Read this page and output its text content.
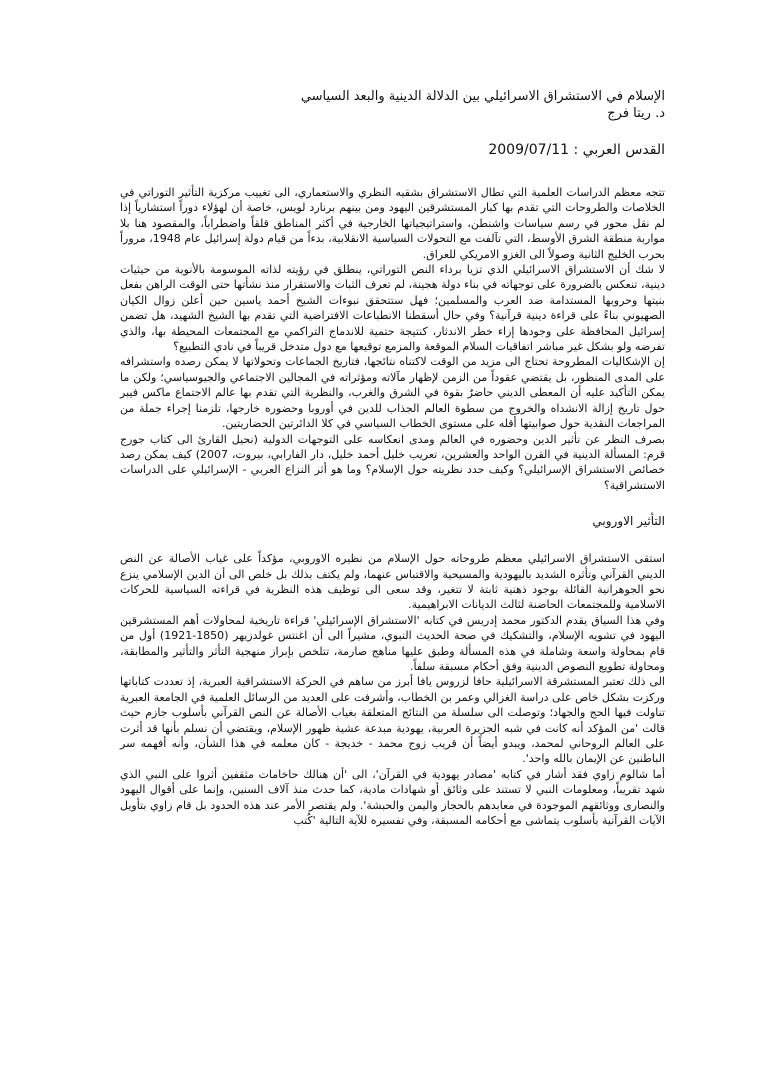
الإسلام في الاستشراق الاسرائيلي بين الدلالة الدينية والبعد السياسي
د. ريتا فرج
القدس العربي : 2009/07/11

تتجه معظم الدراسات العلمية التي تطال الاستشراق بشقيه النظري والاستعماري، الى تغييب مركزية التأثير التوراتي في الخلاصات والطروحات التي تقدم بها كبار المستشرقين اليهود ومن بينهم برنارد لويس، خاصة أن لهؤلاء دوراً استشارياً إذا لم نقل محور في رسم سياسات واشنطن، واستراتيجياتها الخارجية في أكثر المناطق قلقاً واضطراباً، والمقصود هنا بلا مواربة منطقة الشرق الأوسط، التي تآلفت مع التحولات السياسية الانقلابية، بدءاً من قيام دولة إسرائيل عام 1948، مروراً بحرب الخليج الثانية وصولاً الى الغزو الامريكي للعراق.

لا شك أن الاستشراق الاسرائيلي الذي تزيا برداء النص التوراتي، ينطلق في رؤيته لذاته الموسومة بالأنوية من حيثيات دينية، تنعكس بالضرورة على توجهاته في بناء دولة هجينة، لم تعرف الثبات والاستقرار منذ نشأتها حتى الوقت الراهن بفعل بنيتها وحروبها المستدامة ضد العرب والمسلمين؛ فهل ستتحقق نبوءات الشيخ أحمد ياسين حين أعلن زوال الكيان الصهيوني بناءً على قراءة دينية قرآنية؟ وفي حال أسقطنا الانطباعات الافتراضية التي تقدم بها الشيخ الشهيد، هل تضمن إسرائيل المحافظة على وجودها إزاء خطر الاندثار، كنتيجة حتمية للاندماج التراكمي مع المجتمعات المحيطة بها، والذي تفرضه ولو بشكل غير مباشر اتفاقيات السلام الموقعة والمزمع توقيعها مع دول متدخل قريباً في نادي التطبيع؟

إن الإشكاليات المطروحة تحتاج الى مزيد من الوقت لاكتناه نتائجها، فتاريخ الجماعات وتحولاتها لا يمكن رصده واستشرافه على المدى المنظور، بل يقتضي عقوداً من الزمن لإظهار مآلاته ومؤثراته في المجالين الاجتماعي والجيوسياسي؛ ولكن ما يمكن التأكيد عليه أن المعطى الديني حاضرٌ بقوة في الشرق والغرب، والنظرية التي تقدم بها عالم الاجتماع ماكس فيبر حول تاريخ إزالة الانشداه والخروج من سطوة العالم الجذاب للدين في أوروبا وحضوره خارجها، تلزمنا إجراء جملة من المراجعات النقدية حول صوابيتها أقله على مستوى الخطاب السياسي في كلا الدائرتين الحضاريتين.

بصرف النظر عن تأثير الدين وحضوره في العالم ومدى انعكاسه على التوجهات الدولية (نحيل القارئ الى كتاب جورج قرم: المسألة الدينية في القرن الواحد والعشرين، تعريب خليل أحمد خليل، دار الفارابي، بيروت، 2007) كيف يمكن رصد خصائص الاستشراق الإسرائيلي؟ وكيف حدد نظريته حول الإسلام؟ وما هو أثر النزاع العربي - الإسرائيلي على الدراسات الاستشراقية؟

التأثير الاوروبي

استقى الاستشراق الاسرائيلي معظم طروحاته حول الإسلام من نظيره الاوروبي، مؤكداً على غياب الأصالة عن النص الديني القرآني وتأثره الشديد باليهودية والمسيحية والاقتباس عنهما، ولم يكتف بذلك بل خلص الى أن الدين الإسلامي ينزع نحو الجوهرانية القائلة بوجود ذهنية ثابتة لا تتغير، وقد سعى الى توظيف هذه النظرية في قراءته السياسية للحركات الاسلامية وللمجتمعات الحاضنة لثالث الديانات الابراهيمية.

وفي هذا السياق يقدم الدكتور محمد إدريس في كتابه 'الاستشراق الإسرائيلي' قراءة تاريخية لمحاولات أهم المستشرقين اليهود في تشويه الإسلام، والتشكيك في صحة الحديث النبوي، مشيراً الى أن اغنتس غولدزيهر (1850-1921) أول من قام بمحاولة واسعة وشاملة في هذه المسألة وطبق عليها مناهج صارمة، تتلخص بإبراز منهجية التأثر والتأثير والمطابقة، ومحاولة تطويع النصوص الدينية وفق أحكام مسبقة سلفاً.

الى ذلك تعتبر المستشرقة الاسرائيلية حافا لزروس يافا أبرز من ساهم في الحركة الاستشراقية العبرية، إذ تعددت كتاباتها وركزت بشكل خاص على دراسة الغزالي وعمر بن الخطاب، وأشرفت على العديد من الرسائل العلمية في الجامعة العبرية تناولت فيها الحج والجهاد؛ وتوصلت الى سلسلة من النتائج المتعلقة بغياب الأصالة عن النص القرآني بأسلوب جازم حيث قالت 'من المؤكد أنه كانت في شبه الجزيرة العربية، يهودية مبدعة عشية ظهور الإسلام، ويقتضي أن نسلم بأنها قد أثرت على العالم الروحاني لمحمد، ويبدو أيضاً أن قريب زوج محمد - خديجة - كان معلمه في هذا الشأن، وأنه أفهمه سر الباطنين عن الإيمان بالله واحد'.

أما شالوم زاوي فقد أشار في كتابه 'مصادر يهودية في القرآن'، الى 'أن هنالك حاخامات مثقفين أثروا على النبي الذي شهد تقريباً، ومعلومات النبي لا تستند على وثائق أو شهادات مادية، كما حدث منذ آلاف السنين، وإنما على أقوال اليهود والنصارى ووثائقهم الموجودة في معابدهم بالحجاز واليمن والحبشة'. ولم يقتصر الأمر عند هذه الحدود بل قام زاوي بتأويل الآيات القرآنية بأسلوب يتماشى مع أحكامه المسبقة، وفي تفسيره للآية التالية 'كُتب
